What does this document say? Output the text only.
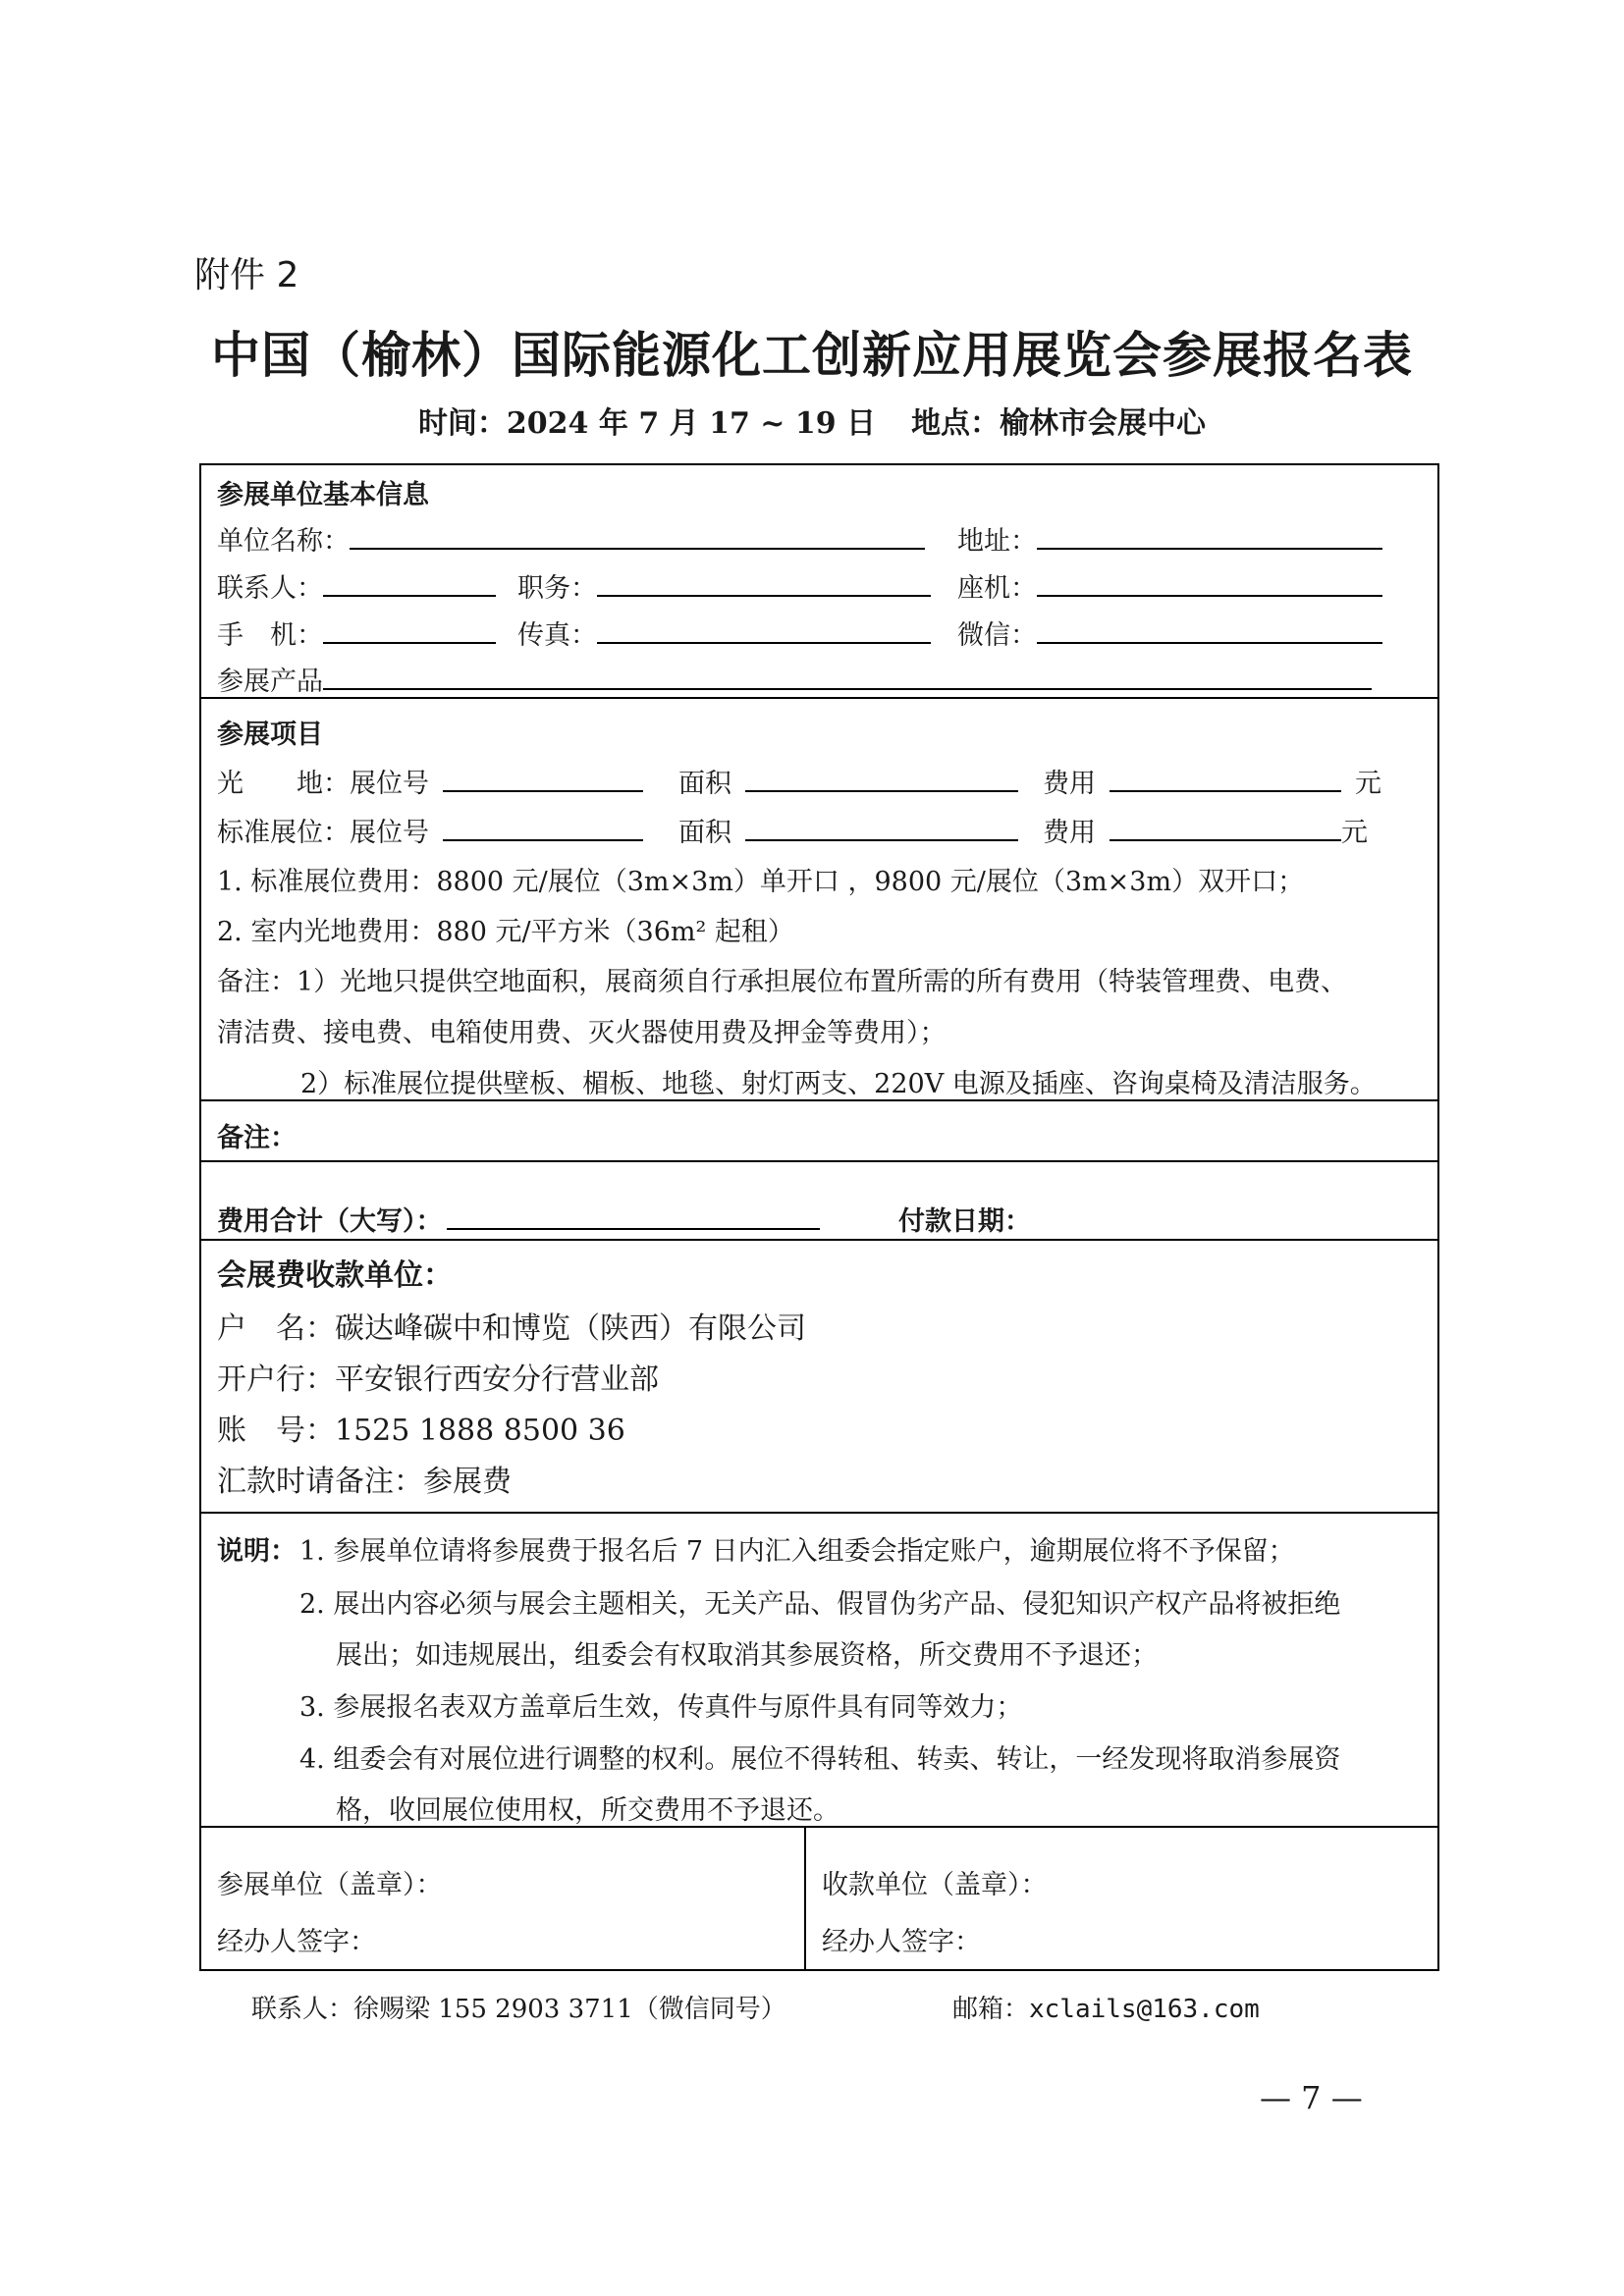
附件 2
中国（榆林）国际能源化工创新应用展览会参展报名表
时间：2024 年 7 月 17 ~ 19 日 地点：榆林市会展中心
参展单位基本信息
单位名称：	地址：
联系人：	职务：	座机：
手　机：	传真：	微信：
参展产品
参展项目
光　　地：展位号	面积	费用	元
标准展位：展位号	面积	费用	元
1. 标准展位费用：8800 元/展位（3m×3m）单开口 ，9800 元/展位（3m×3m）双开口；
2. 室内光地费用：880 元/平方米（36m² 起租）
备注：1）光地只提供空地面积，展商须自行承担展位布置所需的所有费用（特装管理费、电费、
清洁费、接电费、电箱使用费、灭火器使用费及押金等费用）；
2）标准展位提供壁板、楣板、地毯、射灯两支、220V 电源及插座、咨询桌椅及清洁服务。
备注：
费用合计（大写）：	付款日期：
会展费收款单位：
户　名：碳达峰碳中和博览（陕西）有限公司
开户行：平安银行西安分行营业部
账　号：1525 1888 8500 36
汇款时请备注：参展费
说明： 1. 参展单位请将参展费于报名后 7 日内汇入组委会指定账户，逾期展位将不予保留；
2. 展出内容必须与展会主题相关，无关产品、假冒伪劣产品、侵犯知识产权产品将被拒绝
展出；如违规展出，组委会有权取消其参展资格，所交费用不予退还；
3. 参展报名表双方盖章后生效，传真件与原件具有同等效力；
4. 组委会有对展位进行调整的权利。展位不得转租、转卖、转让，一经发现将取消参展资
格，收回展位使用权，所交费用不予退还。
参展单位（盖章）：
经办人签字：
收款单位（盖章）：
经办人签字：
联系人：徐赐梁 155 2903 3711（微信同号）	邮箱：xclails@163.com
— 7 —
